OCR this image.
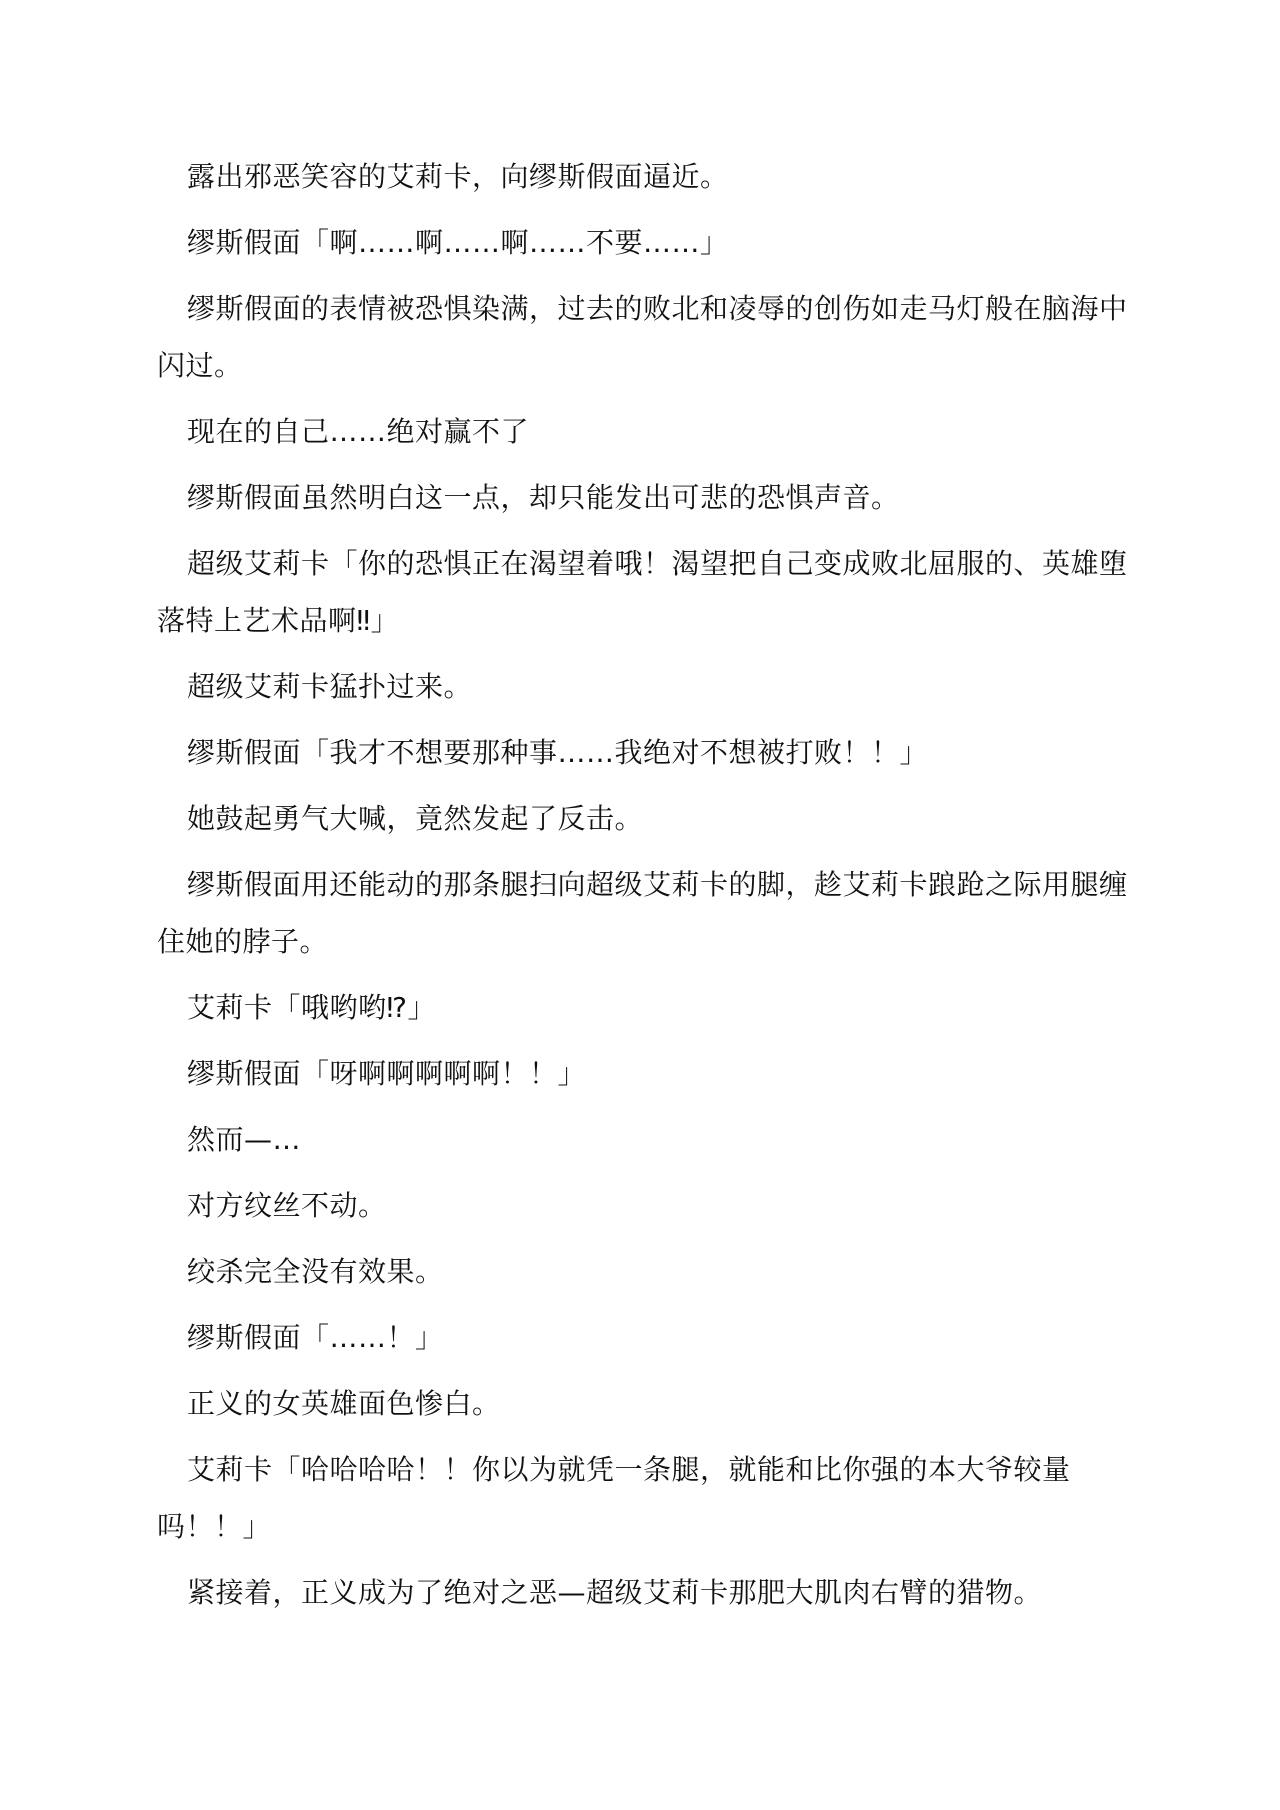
露出邪恶笑容的艾莉卡，向缪斯假面逼近。

缪斯假面「啊……啊……啊……不要……」

缪斯假面的表情被恐惧染满，过去的败北和凌辱的创伤如走马灯般在脑海中闪过。

现在的自己……绝对赢不了

缪斯假面虽然明白这一点，却只能发出可悲的恐惧声音。

超级艾莉卡「你的恐惧正在渴望着哦！渴望把自己变成败北屈服的、英雄堕落特上艺术品啊‼」

超级艾莉卡猛扑过来。

缪斯假面「我才不想要那种事……我绝对不想被打败！！」

她鼓起勇气大喊，竟然发起了反击。

缪斯假面用还能动的那条腿扫向超级艾莉卡的脚，趁艾莉卡踉跄之际用腿缠住她的脖子。

艾莉卡「哦哟哟⁉」

缪斯假面「呀啊啊啊啊啊！！」

然而—…

对方纹丝不动。

绞杀完全没有效果。

缪斯假面「……！」

正义的女英雄面色惨白。

艾莉卡「哈哈哈哈！！你以为就凭一条腿，就能和比你强的本大爷较量吗！！」

紧接着，正义成为了绝对之恶—超级艾莉卡那肥大肌肉右臂的猎物。
